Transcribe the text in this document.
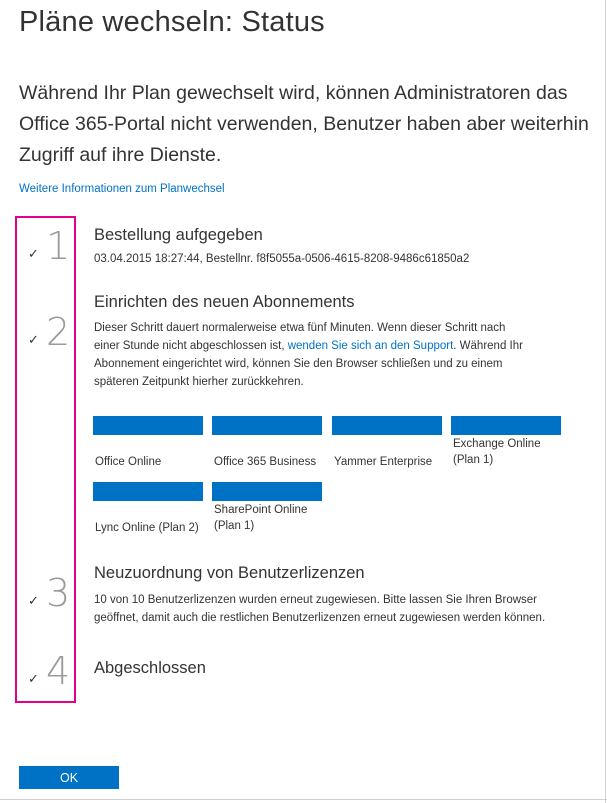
Pläne wechseln: Status

Während Ihr Plan gewechselt wird, können Administratoren das Office 365-Portal nicht verwenden, Benutzer haben aber weiterhin Zugriff auf ihre Dienste.

Weitere Informationen zum Planwechsel
✓ 1 Bestellung aufgegeben
03.04.2015 18:27:44, Bestellnr. f8f5055a-0506-4615-8208-9486c61850a2
✓ 2
Einrichten des neuen Abonnements
Dieser Schritt dauert normalerweise etwa fünf Minuten. Wenn dieser Schritt nach einer Stunde nicht abgeschlossen ist, wenden Sie sich an den Support. Während Ihr Abonnement eingerichtet wird, können Sie den Browser schließen und zu einem späteren Zeitpunkt hierher zurückkehren.
Office Online	Office 365 Business	Yammer Enterprise
Exchange Online (Plan 1)
Lync Online (Plan 2)
SharePoint Online (Plan 1)
✓ 3 Neuzuordnung von Benutzerlizenzen
10 von 10 Benutzerlizenzen wurden erneut zugewiesen. Bitte lassen Sie Ihren Browser geöffnet, damit auch die restlichen Benutzerlizenzen erneut zugewiesen werden können.
✓ 4 Abgeschlossen
OK
